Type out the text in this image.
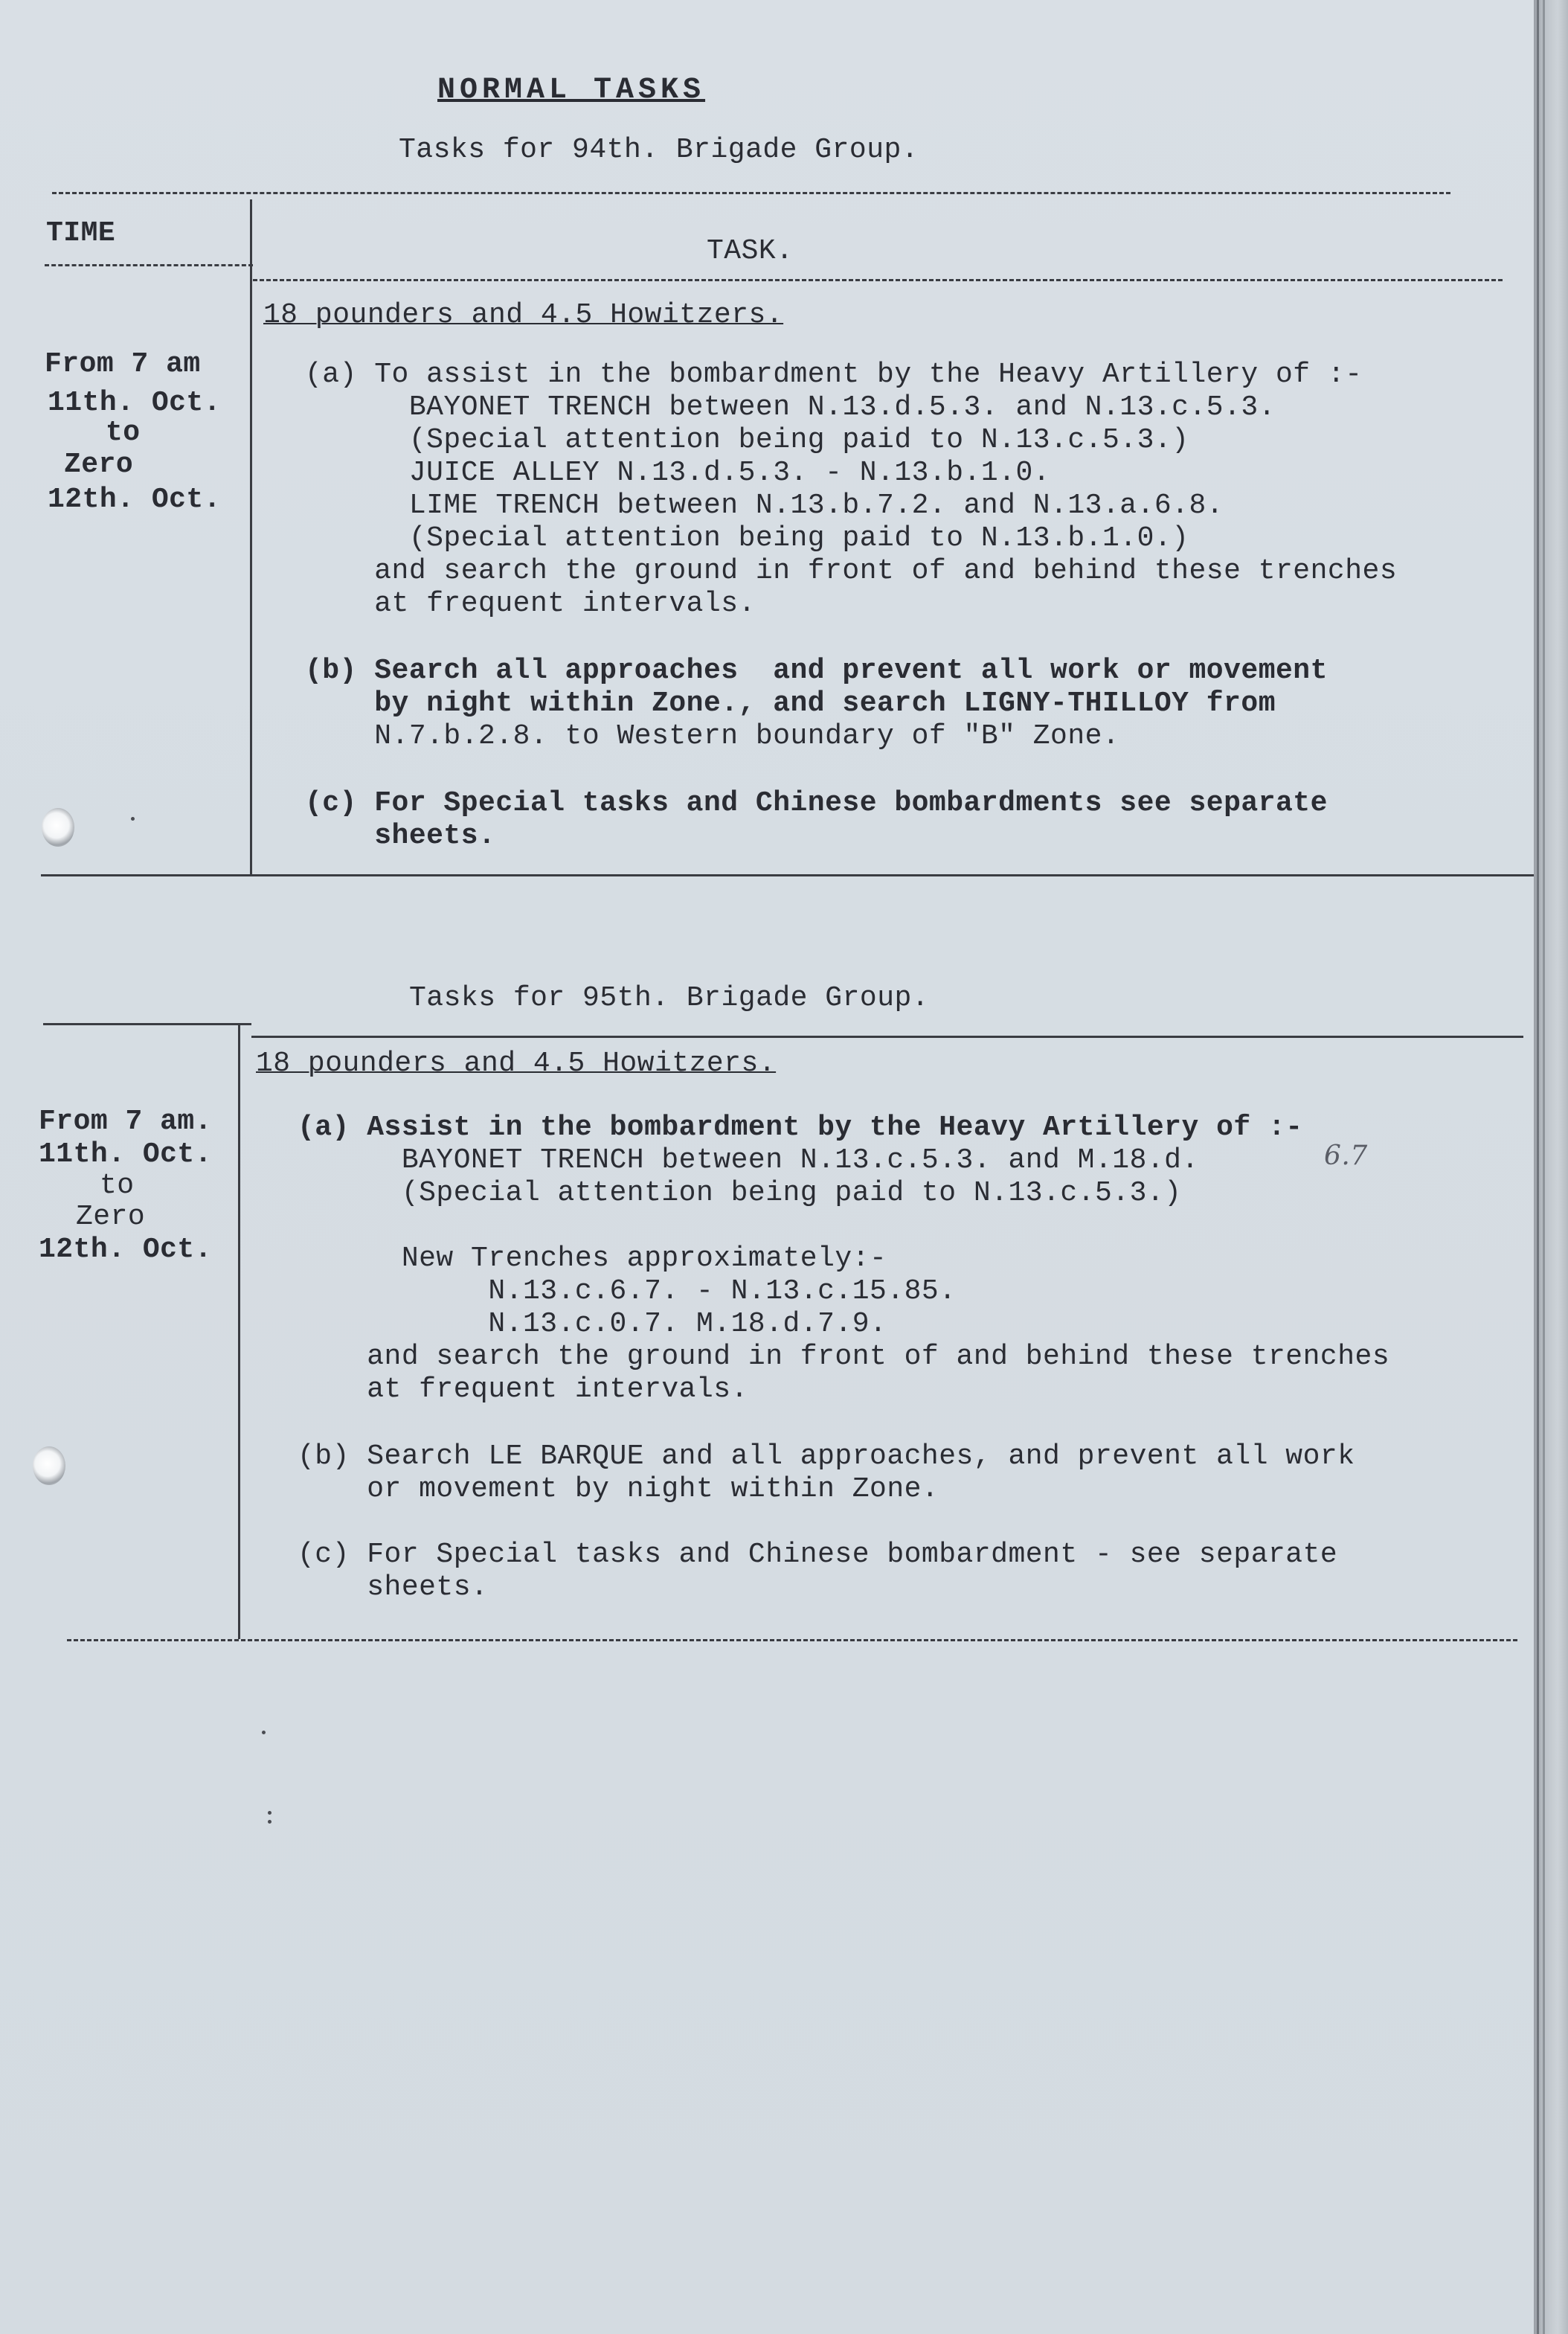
NORMAL TASKS
Tasks for 94th. Brigade Group.
TIME
TASK.
From 7 am
11th. Oct.
to
Zero
12th. Oct.
18 pounders and 4.5 Howitzers.
(a) To assist in the bombardment by the Heavy Artillery of :-
BAYONET TRENCH between N.13.d.5.3. and N.13.c.5.3.
(Special attention being paid to N.13.c.5.3.)
JUICE ALLEY N.13.d.5.3. - N.13.b.1.0.
LIME TRENCH between N.13.b.7.2. and N.13.a.6.8.
(Special attention being paid to N.13.b.1.0.)
and search the ground in front of and behind these trenches
at frequent intervals.
(b) Search all approaches  and prevent all work or movement
by night within Zone., and search LIGNY-THILLOY from
N.7.b.2.8. to Western boundary of "B" Zone.
(c) For Special tasks and Chinese bombardments see separate
sheets.
Tasks for 95th. Brigade Group.
From 7 am.
11th. Oct.
to
Zero
12th. Oct.
18 pounders and 4.5 Howitzers.
(a) Assist in the bombardment by the Heavy Artillery of :-
BAYONET TRENCH between N.13.c.5.3. and M.18.d.	6.7
(Special attention being paid to N.13.c.5.3.)
New Trenches approximately:-
N.13.c.6.7. - N.13.c.15.85.
N.13.c.0.7. M.18.d.7.9.
and search the ground in front of and behind these trenches
at frequent intervals.
(b) Search LE BARQUE and all approaches, and prevent all work
or movement by night within Zone.
(c) For Special tasks and Chinese bombardment - see separate
sheets.
